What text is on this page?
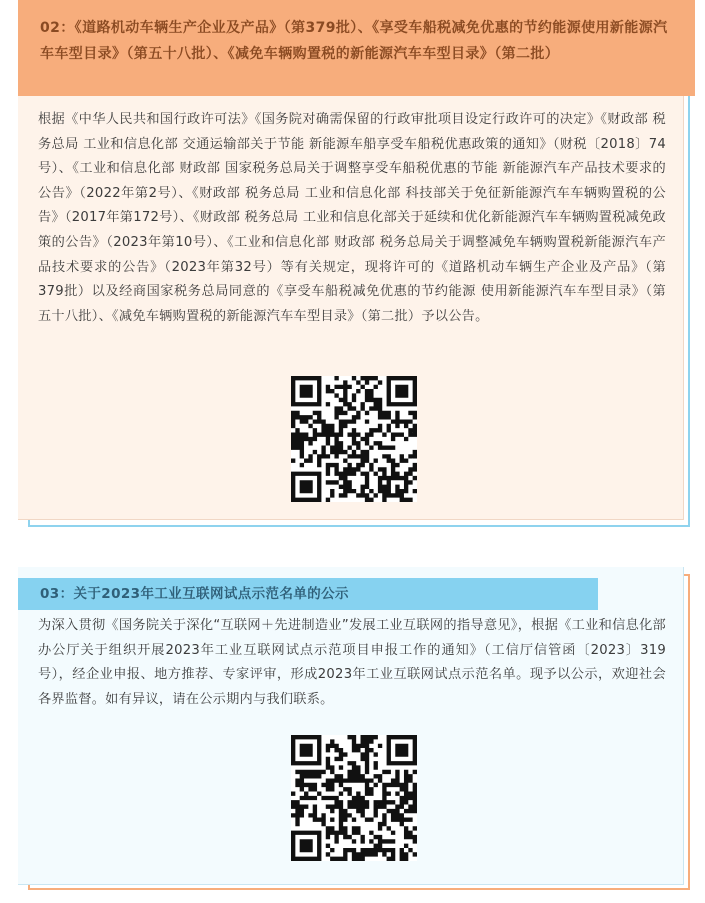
02：《道路机动车辆生产企业及产品》（第379批）、《享受车船税减免优惠的节约能源使用新能源汽车车型目录》（第五十八批）、《减免车辆购置税的新能源汽车车型目录》（第二批）
根据《中华人民共和国行政许可法》《国务院对确需保留的行政审批项目设定行政许可的决定》《财政部 税务总局 工业和信息化部 交通运输部关于节能 新能源车船享受车船税优惠政策的通知》（财税〔2018〕74号）、《工业和信息化部 财政部 国家税务总局关于调整享受车船税优惠的节能 新能源汽车产品技术要求的公告》（2022年第2号）、《财政部 税务总局 工业和信息化部 科技部关于免征新能源汽车车辆购置税的公告》（2017年第172号）、《财政部 税务总局 工业和信息化部关于延续和优化新能源汽车车辆购置税减免政策的公告》（2023年第10号）、《工业和信息化部 财政部 税务总局关于调整减免车辆购置税新能源汽车产品技术要求的公告》（2023年第32号）等有关规定，现将许可的《道路机动车辆生产企业及产品》（第379批）以及经商国家税务总局同意的《享受车船税减免优惠的节约能源 使用新能源汽车车型目录》（第五十八批）、《减免车辆购置税的新能源汽车车型目录》（第二批）予以公告。
03：关于2023年工业互联网试点示范名单的公示
为深入贯彻《国务院关于深化“互联网＋先进制造业”发展工业互联网的指导意见》，根据《工业和信息化部办公厅关于组织开展2023年工业互联网试点示范项目申报工作的通知》（工信厅信管函〔2023〕319号），经企业申报、地方推荐、专家评审，形成2023年工业互联网试点示范名单。现予以公示，欢迎社会各界监督。如有异议，请在公示期内与我们联系。
